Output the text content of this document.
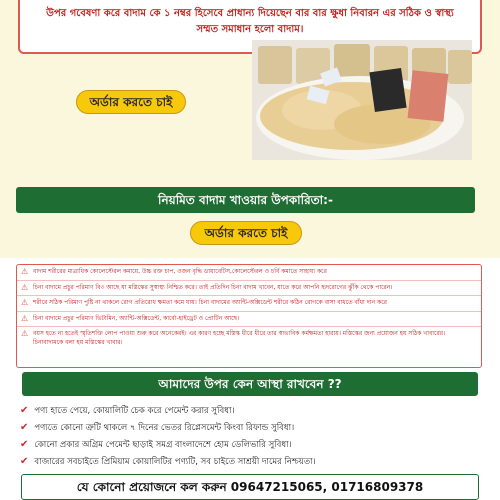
উপর গবেষণা করে বাদাম কে ১ নম্বর হিসেবে প্রাধান্য দিয়েছেন বার বার ক্ষুধা নিবারন এর সঠিক ও স্বাস্থ্য
সম্মত সমাধান হলো বাদাম।
অর্ডার করতে চাই
নিয়মিত বাদাম খাওয়ার উপকারিতা:-
অর্ডার করতে চাই
⚠ বাদাম শরীরের মাত্রাধিক কোলেস্টেরল কমায়ে, উচ্চ রক্ত চাপ, ওজন বৃদ্ধি ডায়াবেটিস,কোলেস্টেরল ও চর্বি কমাতে সাহায্য করে
⚠ চিনা বাদামে প্রচুর পরিমাণ বি৩ আছে যা মস্তিস্কের সুস্বাস্থ্য নিশ্চিত করে। তাই প্রতিদিন চিনা বাদাম খাবেন, যাতে করে আপনি হৃদরোগের ঝুঁকি থেকে পারেন।
⚠ শরীরে সঠিক পরিমাণ পুষ্টি না থাকলে রোগ প্রতিরোধ ক্ষমতা কমে যায়। চিনা বাদামের অ্যান্টি-অক্সিডেন্ট শরীরে কঠিন রোগকে বাসা বাধতে বাঁধা দান করে
⚠ চিনা বাদামে প্রচুর পরিমাণ ভিটামিন, অ্যান্টি-অক্সিডেন্ট, কার্বো-হাইড্রেট ও প্রোটিন আছে।
⚠ বয়স হতে না হতেই স্মৃতিশক্তি লোপ পাওয়া শুরু করে অনেকেরই। এর কারণ হচ্ছে মস্তিস্ক ধীরে ধীরে তার স্বাভাবিক কর্মক্ষমতা হারায়। মস্তিস্কের জন্য প্রয়োজন হয় সঠিক খাবারের। চিনাবাদামকে বলা হয় মস্তিস্কের খাবার।
আমাদের উপর কেন আস্থা রাখবেন ??
✔ পণ্য হাতে পেয়ে, কোয়ালিটি চেক করে পেমেন্ট করার সুবিধা।
✔ পণ্যতে কোনো ত্রুটি থাকলে ৭ দিনের ভেতর রিপ্লেসমেন্ট কিংবা রিফান্ড সুবিধা।
✔ কোনো প্রকার অগ্রিম পেমেন্ট ছাড়াই সমগ্র বাংলাদেশে হোম ডেলিভারি সুবিধা।
✔ বাজারের সবচাইতে প্রিমিয়াম কোয়ালিটির পণ্যটি, সব চাইতে সাশ্রয়ী দামের নিশ্চয়তা।
যে কোনো প্রয়োজনে কল করুন 09647215065, 01716809378
